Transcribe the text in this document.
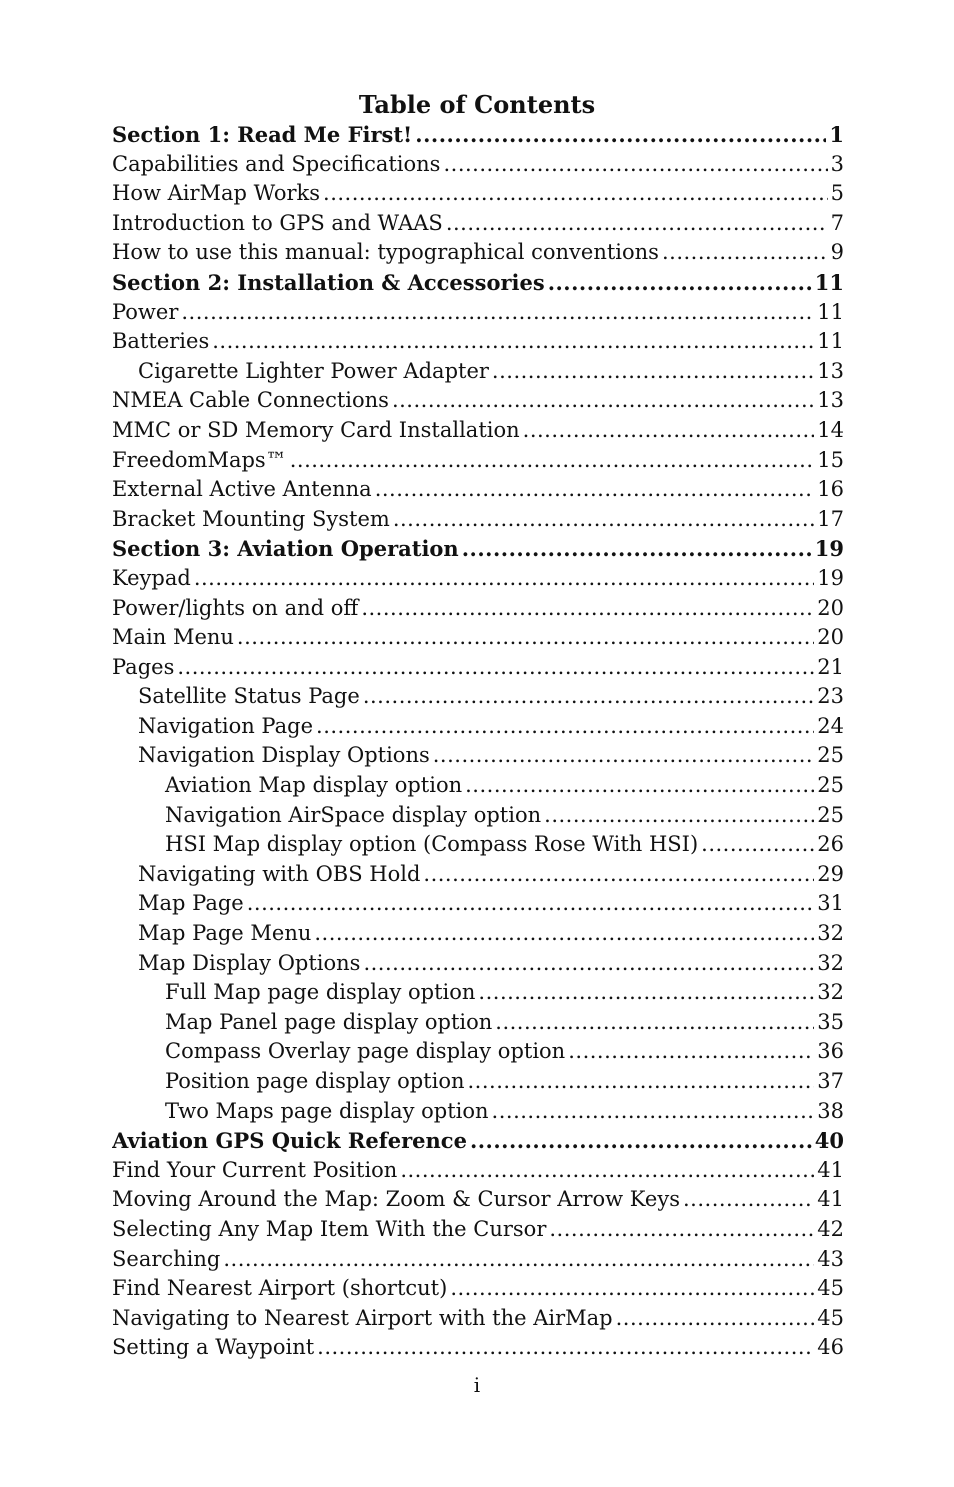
Table of Contents
Section 1: Read Me First! .....	1
Capabilities and Specifications .....	3
How AirMap Works .....	5
Introduction to GPS and WAAS .....	7
How to use this manual: typographical conventions .....	9
Section 2: Installation & Accessories .....	11
Power .....	11
Batteries .....	11
Cigarette Lighter Power Adapter .....	13
NMEA Cable Connections .....	13
MMC or SD Memory Card Installation .....	14
FreedomMaps™ .....	15
External Active Antenna .....	16
Bracket Mounting System .....	17
Section 3: Aviation Operation .....	19
Keypad .....	19
Power/lights on and off .....	20
Main Menu .....	20
Pages .....	21
Satellite Status Page .....	23
Navigation Page .....	24
Navigation Display Options .....	25
Aviation Map display option .....	25
Navigation AirSpace display option .....	25
HSI Map display option (Compass Rose With HSI) .....	26
Navigating with OBS Hold .....	29
Map Page .....	31
Map Page Menu .....	32
Map Display Options .....	32
Full Map page display option .....	32
Map Panel page display option .....	35
Compass Overlay page display option .....	36
Position page display option .....	37
Two Maps page display option .....	38
Aviation GPS Quick Reference .....	40
Find Your Current Position .....	41
Moving Around the Map: Zoom & Cursor Arrow Keys .....	41
Selecting Any Map Item With the Cursor .....	42
Searching .....	43
Find Nearest Airport (shortcut) .....	45
Navigating to Nearest Airport with the AirMap .....	45
Setting a Waypoint .....	46
i
